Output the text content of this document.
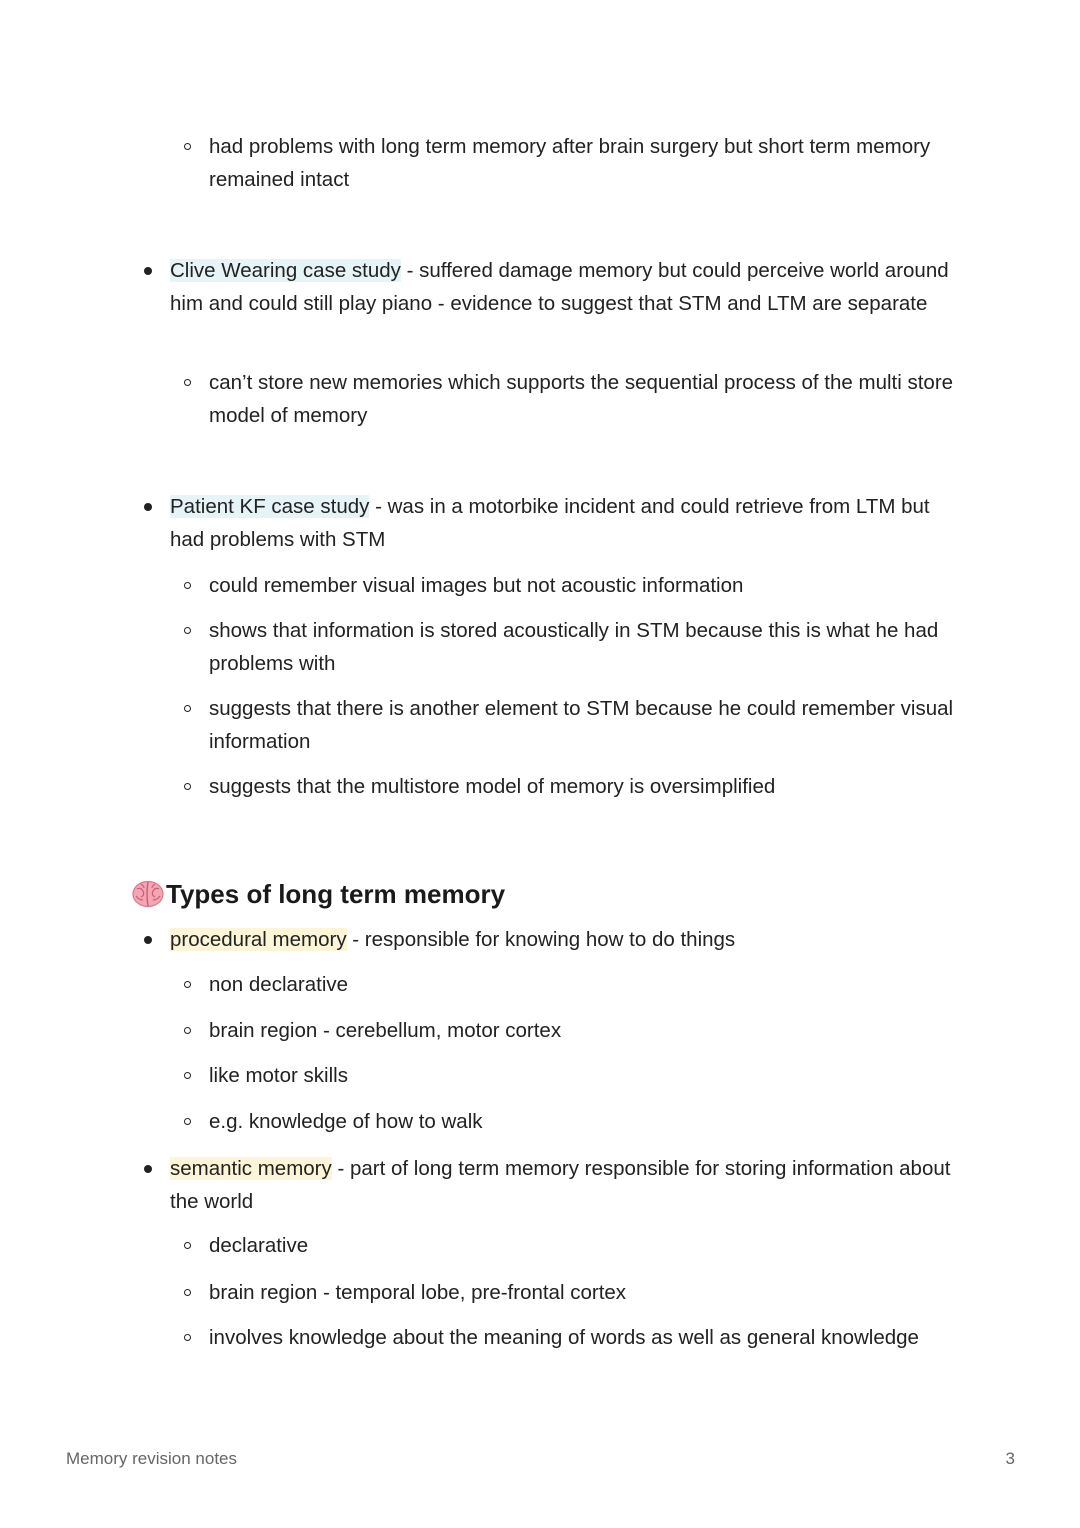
had problems with long term memory after brain surgery but short term memory remained intact
Clive Wearing case study - suffered damage memory but could perceive world around him and could still play piano - evidence to suggest that STM and LTM are separate
can’t store new memories which supports the sequential process of the multi store model of memory
Patient KF case study - was in a motorbike incident and could retrieve from LTM but had problems with STM
could remember visual images but not acoustic information
shows that information is stored acoustically in STM because this is what he had problems with
suggests that there is another element to STM because he could remember visual information
suggests that the multistore model of memory is oversimplified
Types of long term memory
procedural memory - responsible for knowing how to do things
non declarative
brain region - cerebellum, motor cortex
like motor skills
e.g. knowledge of how to walk
semantic memory - part of long term memory responsible for storing information about the world
declarative
brain region - temporal lobe, pre-frontal cortex
involves knowledge about the meaning of words as well as general knowledge
Memory revision notes	3
